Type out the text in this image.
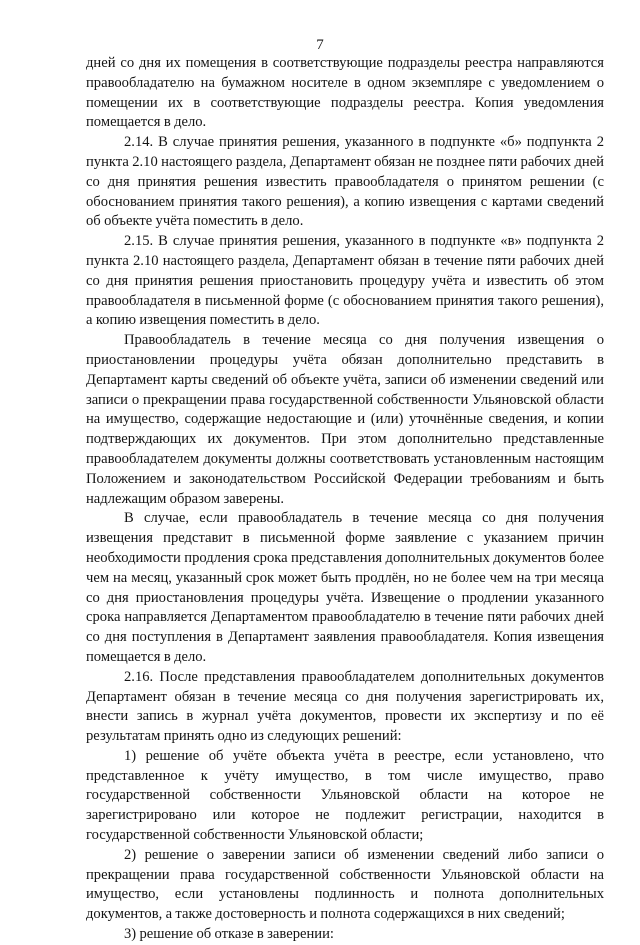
7

дней со дня их помещения в соответствующие подразделы реестра направляются правообладателю на бумажном носителе в одном экземпляре с уведомлением о помещении их в соответствующие подразделы реестра. Копия уведомления помещается в дело.

2.14. В случае принятия решения, указанного в подпункте «б» подпункта 2 пункта 2.10 настоящего раздела, Департамент обязан не позднее пяти рабочих дней со дня принятия решения известить правообладателя о принятом решении (с обоснованием принятия такого решения), а копию извещения с картами сведений об объекте учёта поместить в дело.

2.15. В случае принятия решения, указанного в подпункте «в» подпункта 2 пункта 2.10 настоящего раздела, Департамент обязан в течение пяти рабочих дней со дня принятия решения приостановить процедуру учёта и известить об этом правообладателя в письменной форме (с обоснованием принятия такого решения), а копию извещения поместить в дело.

Правообладатель в течение месяца со дня получения извещения о приостановлении процедуры учёта обязан дополнительно представить в Департамент карты сведений об объекте учёта, записи об изменении сведений или записи о прекращении права государственной собственности Ульяновской области на имущество, содержащие недостающие и (или) уточнённые сведения, и копии подтверждающих их документов. При этом дополнительно представленные правообладателем документы должны соответствовать установленным настоящим Положением и законодательством Российской Федерации требованиям и быть надлежащим образом заверены.

В случае, если правообладатель в течение месяца со дня получения извещения представит в письменной форме заявление с указанием причин необходимости продления срока представления дополнительных документов более чем на месяц, указанный срок может быть продлён, но не более чем на три месяца со дня приостановления процедуры учёта. Извещение о продлении указанного срока направляется Департаментом правообладателю в течение пяти рабочих дней со дня поступления в Департамент заявления правообладателя. Копия извещения помещается в дело.

2.16. После представления правообладателем дополнительных документов Департамент обязан в течение месяца со дня получения зарегистрировать их, внести запись в журнал учёта документов, провести их экспертизу и по её результатам принять одно из следующих решений:

1) решение об учёте объекта учёта в реестре, если установлено, что представленное к учёту имущество, в том числе имущество, право государственной собственности Ульяновской области на которое не зарегистрировано или которое не подлежит регистрации, находится в государственной собственности Ульяновской области;

2) решение о заверении записи об изменении сведений либо записи о прекращении права государственной собственности Ульяновской области на имущество, если установлены подлинность и полнота дополнительных документов, а также достоверность и полнота содержащихся в них сведений;

3) решение об отказе в заверении:
